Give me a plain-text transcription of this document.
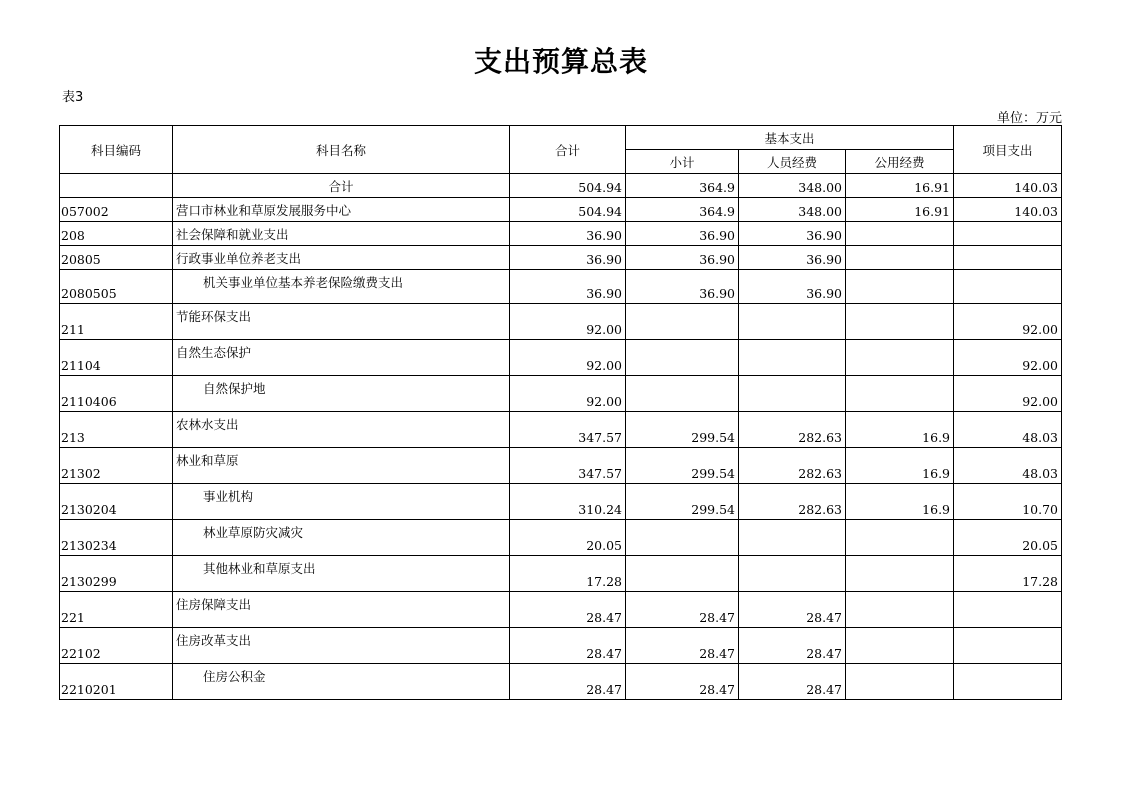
支出预算总表
表3
单位：万元
科目编码	科目名称	合计	基本支出			项目支出
			小计	人员经费	公用经费	
	合计	504.94	364.9	348.00	16.91	140.03
057002	营口市林业和草原发展服务中心	504.94	364.9	348.00	16.91	140.03
208	社会保障和就业支出	36.90	36.90	36.90		
20805	行政事业单位养老支出	36.90	36.90	36.90		
2080505	机关事业单位基本养老保险缴费支出	36.90	36.90	36.90		
211	节能环保支出	92.00				92.00
21104	自然生态保护	92.00				92.00
2110406	自然保护地	92.00				92.00
213	农林水支出	347.57	299.54	282.63	16.9	48.03
21302	林业和草原	347.57	299.54	282.63	16.9	48.03
2130204	事业机构	310.24	299.54	282.63	16.9	10.70
2130234	林业草原防灾减灾	20.05				20.05
2130299	其他林业和草原支出	17.28				17.28
221	住房保障支出	28.47	28.47	28.47		
22102	住房改革支出	28.47	28.47	28.47		
2210201	住房公积金	28.47	28.47	28.47		
